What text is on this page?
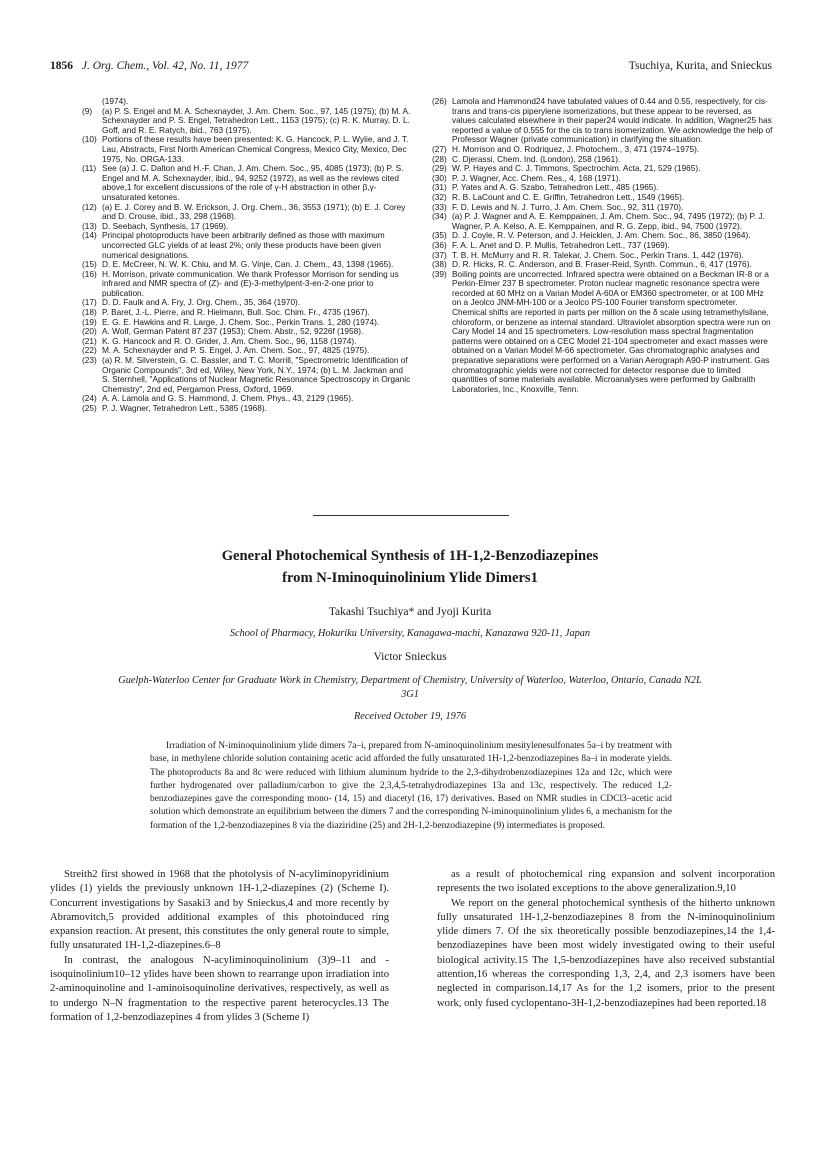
1856 J. Org. Chem., Vol. 42, No. 11, 1977	Tsuchiya, Kurita, and Snieckus
(1974).
(9) (a) P. S. Engel and M. A. Schexnayder, J. Am. Chem. Soc., 97, 145 (1975); (b) M. A. Schexnayder and P. S. Engel, Tetrahedron Lett., 1153 (1975); (c) R. K. Murray, D. L. Goff, and R. E. Ratych, ibid., 763 (1975).
(10) Portions of these results have been presented: K. G. Hancock, P. L. Wylie, and J. T. Lau, Abstracts, First North American Chemical Congress, Mexico City, Mexico, Dec 1975, No. ORGA-133.
(11) See (a) J. C. Dalton and H.-F. Chan, J. Am. Chem. Soc., 95, 4085 (1973); (b) P. S. Engel and M. A. Schexnayder, ibid., 94, 9252 (1972), as well as the reviews cited above,1 for excellent discussions of the role of γ-H abstraction in other β,γ-unsaturated ketones.
(12) (a) E. J. Corey and B. W. Erickson, J. Org. Chem., 36, 3553 (1971); (b) E. J. Corey and D. Crouse, ibid., 33, 298 (1968).
(13) D. Seebach, Synthesis, 17 (1969).
(14) Principal photoproducts have been arbitrarily defined as those with maximum uncorrected GLC yields of at least 2%; only these products have been given numerical designations.
(15) D. E. McCreer, N. W. K. Chiu, and M. G. Vinje, Can. J. Chem., 43, 1398 (1965).
(16) H. Morrison, private communication. We thank Professor Morrison for sending us infrared and NMR spectra of (Z)- and (E)-3-methylpent-3-en-2-one prior to publication.
(17) D. D. Faulk and A. Fry, J. Org. Chem., 35, 364 (1970).
(18) P. Baret, J.-L. Pierre, and R. Hielmann, Bull. Soc. Chim. Fr., 4735 (1967).
(19) E. G. E. Hawkins and R. Large, J. Chem. Soc., Perkin Trans. 1, 280 (1974).
(20) A. Wolf, German Patent 87 237 (1953); Chem. Abstr., 52, 9226f (1958).
(21) K. G. Hancock and R. O. Grider, J. Am. Chem. Soc., 96, 1158 (1974).
(22) M. A. Schexnayder and P. S. Engel, J. Am. Chem. Soc., 97, 4825 (1975).
(23) (a) R. M. Silverstein, G. C. Bassler, and T. C. Morrill, "Spectrometric Identification of Organic Compounds", 3rd ed, Wiley, New York, N.Y., 1974; (b) L. M. Jackman and S. Sternhell, "Applications of Nuclear Magnetic Resonance Spectroscopy in Organic Chemistry", 2nd ed, Pergamon Press, Oxford, 1969.
(24) A. A. Lamola and G. S. Hammond, J. Chem. Phys., 43, 2129 (1965).
(25) P. J. Wagner, Tetrahedron Lett., 5385 (1968).
(26) Lamola and Hammond24 have tabulated values of 0.44 and 0.55, respectively, for cis-trans and trans-cis piperylene isomerizations, but these appear to be reversed, as values calculated elsewhere in their paper24 would indicate. In addition, Wagner25 has reported a value of 0.555 for the cis to trans isomerization. We acknowledge the help of Professor Wagner (private communication) in clarifying the situation.
(27) H. Morrison and O. Rodriquez, J. Photochem., 3, 471 (1974–1975).
(28) C. Djerassi, Chem. Ind. (London), 258 (1961).
(29) W. P. Hayes and C. J. Timmons, Spectrochim. Acta, 21, 529 (1965).
(30) P. J. Wagner, Acc. Chem. Res., 4, 168 (1971).
(31) P. Yates and A. G. Szabo, Tetrahedron Lett., 485 (1965).
(32) R. B. LaCount and C. E. Griffin, Tetrahedron Lett., 1549 (1965).
(33) F. D. Lewis and N. J. Turro, J. Am. Chem. Soc., 92, 311 (1970).
(34) (a) P. J. Wagner and A. E. Kemppainen, J. Am. Chem. Soc., 94, 7495 (1972); (b) P. J. Wagner, P. A. Kelso, A. E. Kemppainen, and R. G. Zepp, ibid., 94, 7500 (1972).
(35) D. J. Coyle, R. V. Peterson, and J. Heicklen, J. Am. Chem. Soc., 86, 3850 (1964).
(36) F. A. L. Anet and D. P. Mullis, Tetrahedron Lett., 737 (1969).
(37) T. B. H. McMurry and R. R. Talekar, J. Chem. Soc., Perkin Trans. 1, 442 (1976).
(38) D. R. Hicks, R. C. Anderson, and B. Fraser-Reid, Synth. Commun., 6, 417 (1976).
(39) Boiling points are uncorrected. Infrared spectra were obtained on a Beckman IR-8 or a Perkin-Elmer 237 B spectrometer. Proton nuclear magnetic resonance spectra were recorded at 60 MHz on a Varian Model A-60A or EM360 spectrometer, or at 100 MHz on a Jeolco JNM-MH-100 or a Jeolco PS-100 Fourier transform spectrometer. Chemical shifts are reported in parts per million on the δ scale using tetramethylsilane, chloroform, or benzene as internal standard. Ultraviolet absorption spectra were run on Cary Model 14 and 15 spectrometers. Low-resolution mass spectral fragmentation patterns were obtained on a CEC Model 21-104 spectrometer and exact masses were obtained on a Varian Model M-66 spectrometer. Gas chromatographic analyses and preparative separations were performed on a Varian Aerograph A90-P instrument. Gas chromatographic yields were not corrected for detector response due to limited quantities of some materials available. Microanalyses were performed by Galbraith Laboratories, Inc., Knoxville, Tenn.
General Photochemical Synthesis of 1H-1,2-Benzodiazepines
from N-Iminoquinolinium Ylide Dimers1
Takashi Tsuchiya* and Jyoji Kurita
School of Pharmacy, Hokuriku University, Kanagawa-machi, Kanazawa 920-11, Japan
Victor Snieckus
Guelph-Waterloo Center for Graduate Work in Chemistry, Department of Chemistry, University of Waterloo, Waterloo, Ontario, Canada N2L 3G1
Received October 19, 1976
Irradiation of N-iminoquinolinium ylide dimers 7a–i, prepared from N-aminoquinolinium mesitylenesulfonates 5a–i by treatment with base, in methylene chloride solution containing acetic acid afforded the fully unsaturated 1H-1,2-benzodiazepines 8a–i in moderate yields. The photoproducts 8a and 8c were reduced with lithium aluminum hydride to the 2,3-dihydrobenzodiazepines 12a and 12c, which were further hydrogenated over palladium/carbon to give the 2,3,4,5-tetrahydrodiazepines 13a and 13c, respectively. The reduced 1,2-benzodiazepines gave the corresponding mono- (14, 15) and diacetyl (16, 17) derivatives. Based on NMR studies in CDCl3–acetic acid solution which demonstrate an equilibrium between the dimers 7 and the corresponding N-iminoquinolinium ylides 6, a mechanism for the formation of the 1,2-benzodiazepines 8 via the diaziridine (25) and 2H-1,2-benzodiazepine (9) intermediates is proposed.

Streith2 first showed in 1968 that the photolysis of N-acyliminopyridinium ylides (1) yields the previously unknown 1H-1,2-diazepines (2) (Scheme I). Concurrent investigations by Sasaki3 and by Snieckus,4 and more recently by Abramovitch,5 provided additional examples of this photoinduced ring expansion reaction. At present, this constitutes the only general route to simple, fully unsaturated 1H-1,2-diazepines.6–8

In contrast, the analogous N-acyliminoquinolinium (3)9–11 and -isoquinolinium10–12 ylides have been shown to rearrange upon irradiation into 2-aminoquinoline and 1-aminoisoquinoline derivatives, respectively, as well as to undergo N–N fragmentation to the respective parent heterocycles.13 The formation of 1,2-benzodiazepines 4 from ylides 3 (Scheme I)

as a result of photochemical ring expansion and solvent incorporation represents the two isolated exceptions to the above generalization.9,10

We report on the general photochemical synthesis of the hitherto unknown fully unsaturated 1H-1,2-benzodiazepines 8 from the N-iminoquinolinium ylide dimers 7. Of the six theoretically possible benzodiazepines,14 the 1,4-benzodiazepines have been most widely investigated owing to their useful biological activity.15 The 1,5-benzodiazepines have also received substantial attention,16 whereas the corresponding 1,3, 2,4, and 2,3 isomers have been neglected in comparison.14,17 As for the 1,2 isomers, prior to the present work, only fused cyclopentano-3H-1,2-benzodiazepines had been reported.18
